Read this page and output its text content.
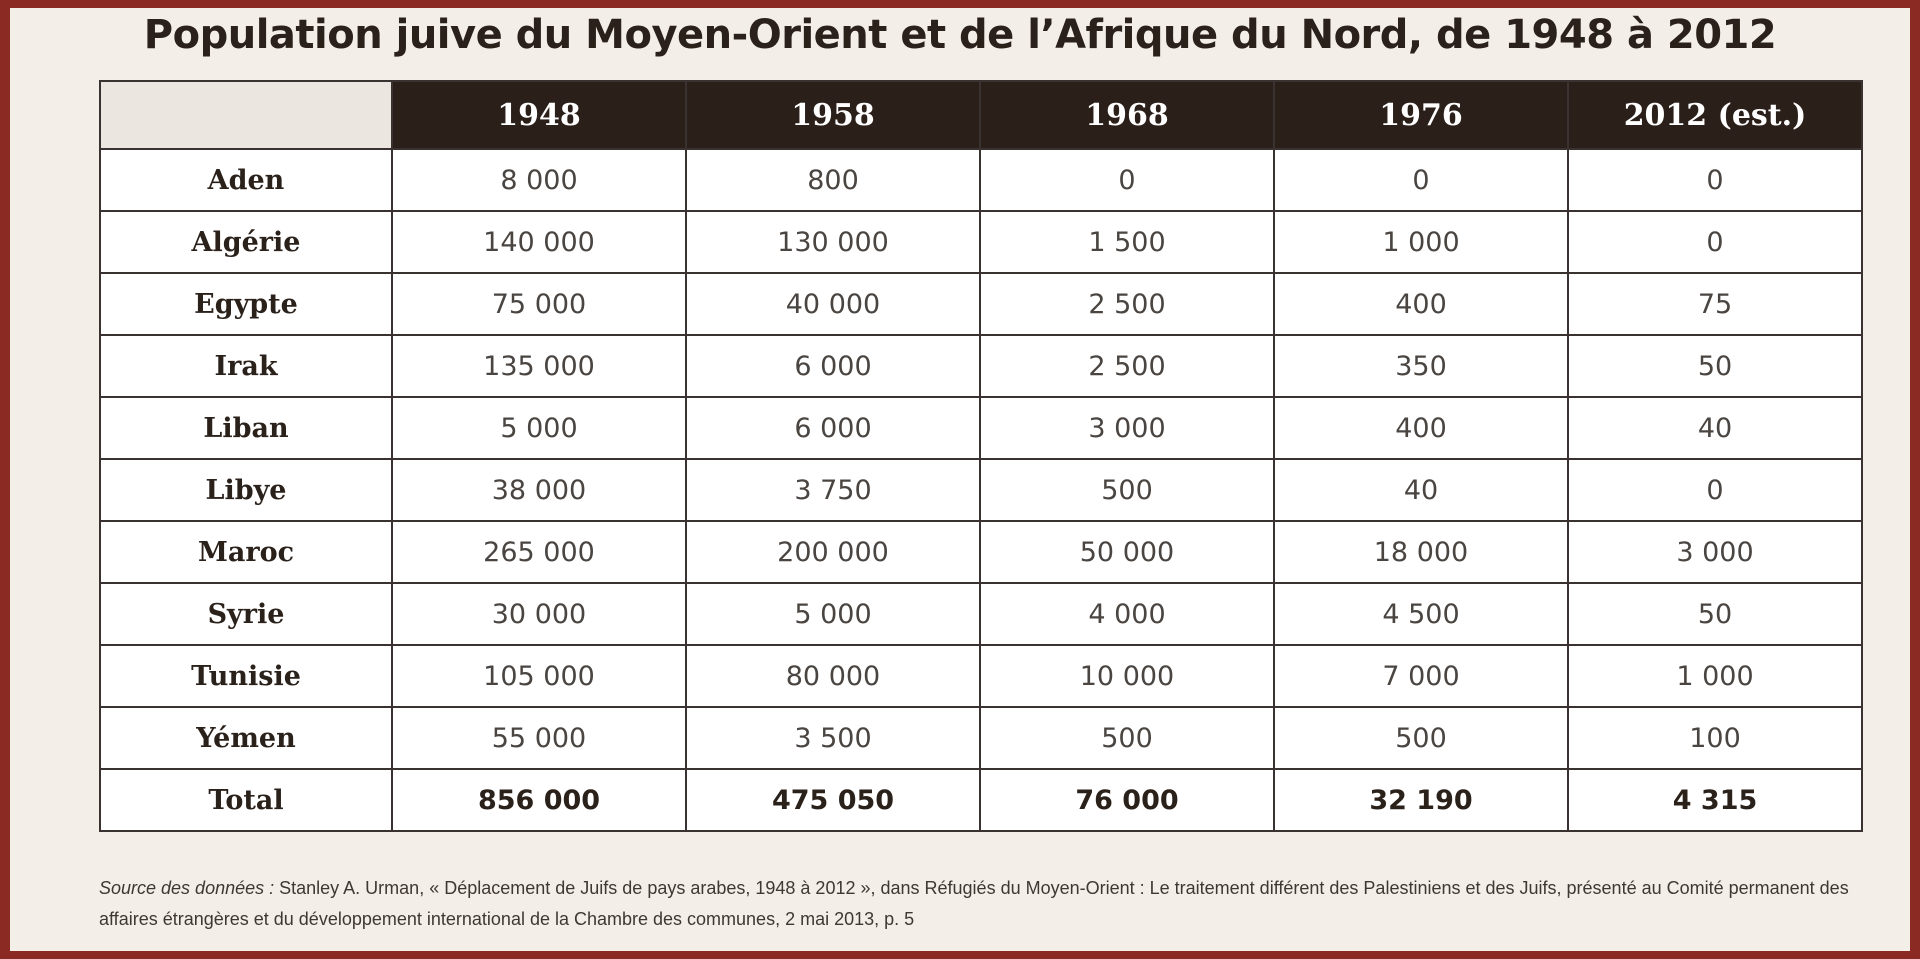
Population juive du Moyen-Orient et de l’Afrique du Nord, de 1948 à 2012
	1948	1958	1968	1976	2012 (est.)
Aden	8 000	800	0	0	0
Algérie	140 000	130 000	1 500	1 000	0
Egypte	75 000	40 000	2 500	400	75
Irak	135 000	6 000	2 500	350	50
Liban	5 000	6 000	3 000	400	40
Libye	38 000	3 750	500	40	0
Maroc	265 000	200 000	50 000	18 000	3 000
Syrie	30 000	5 000	4 000	4 500	50
Tunisie	105 000	80 000	10 000	7 000	1 000
Yémen	55 000	3 500	500	500	100
Total	856 000	475 050	76 000	32 190	4 315
Source des données : Stanley A. Urman, « Déplacement de Juifs de pays arabes, 1948 à 2012 », dans Réfugiés du Moyen-Orient : Le traitement différent des Palestiniens et des Juifs, présenté au Comité permanent des affaires étrangères et du développement international de la Chambre des communes, 2 mai 2013, p. 5
